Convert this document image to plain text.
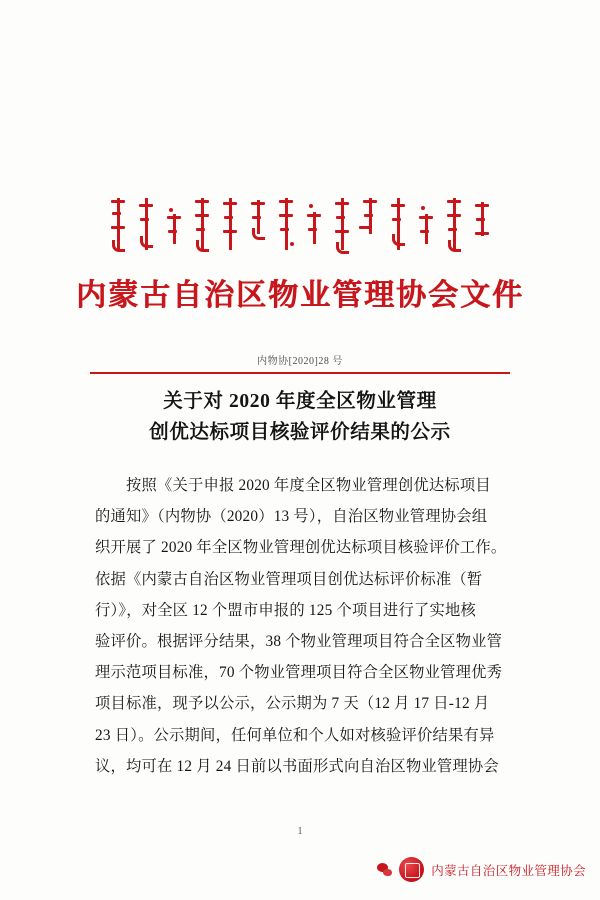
内蒙古自治区物业管理协会文件
内物协[2020]28 号
关于对 2020 年度全区物业管理
创优达标项目核验评价结果的公示

　　按照《关于申报 2020 年度全区物业管理创优达标项目

的通知》（内物协（2020）13 号），自治区物业管理协会组

织开展了 2020 年全区物业管理创优达标项目核验评价工作。

依据《内蒙古自治区物业管理项目创优达标评价标准（暂

行）》，对全区 12 个盟市申报的 125 个项目进行了实地核

验评价。根据评分结果，38 个物业管理项目符合全区物业管

理示范项目标准，70 个物业管理项目符合全区物业管理优秀

项目标准，现予以公示，公示期为 7 天（12 月 17 日-12 月

23 日）。公示期间，任何单位和个人如对核验评价结果有异

议，均可在 12 月 24 日前以书面形式向自治区物业管理协会

1
内蒙古自治区物业管理协会
